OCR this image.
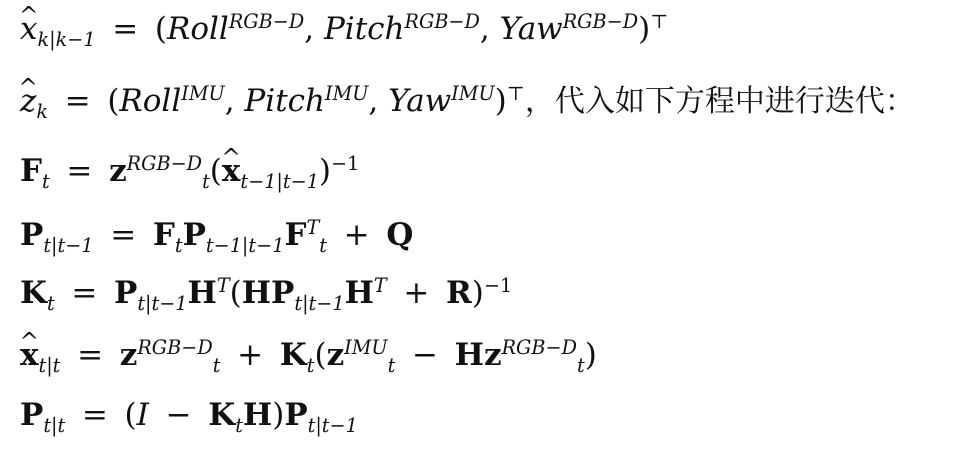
^ $x_{k|k-1}$ = (Roll$^{RGB-D}$, Pitch$^{RGB-D}$, Yaw$^{RGB-D}$)⊤
^ $z_k$ = (Roll$^{IMU}$, Pitch$^{IMU}$, Yaw$^{IMU}$)⊤，代入如下方程中进行迭代：
$F_t$ = $z^{RGB-D}_t(\^{}$ $x_{t-1|t-1})^{-1}$
$P_{t|t-1} = F_tP_{t-1|t-1}F^T_t + Q$
$K_t = P_{t|t-1}H^T(HP_{t|t-1}H^T + R)^{-1}$
^ $x_{t|t} = z^{RGB-D}_t + K_t(z^{IMU}_t - Hz^{RGB-D}_t)$
$P_{t|t} = (I - K_tH)P_{t|t-1}$
